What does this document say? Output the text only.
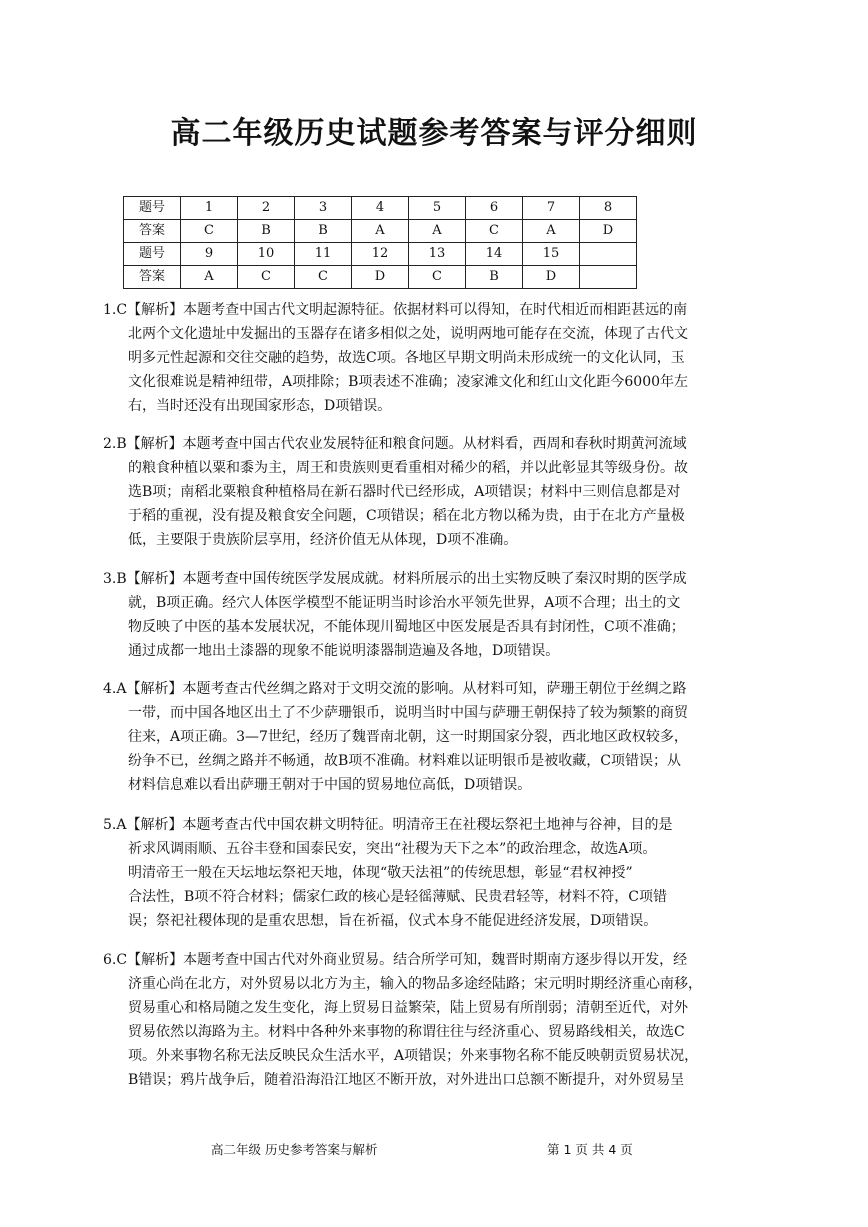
高二年级历史试题参考答案与评分细则
题号	1	2	3	4	5	6	7	8
答案	C	B	B	A	A	C	A	D
题号	9	10	11	12	13	14	15	
答案	A	C	C	D	C	B	D	
1.C【解析】本题考查中国古代文明起源特征。依据材料可以得知，在时代相近而相距甚远的南
北两个文化遗址中发掘出的玉器存在诸多相似之处，说明两地可能存在交流，体现了古代文
明多元性起源和交往交融的趋势，故选C项。各地区早期文明尚未形成统一的文化认同，玉
文化很难说是精神纽带，A项排除；B项表述不准确；凌家滩文化和红山文化距今6000年左
右，当时还没有出现国家形态，D项错误。
2.B【解析】本题考查中国古代农业发展特征和粮食问题。从材料看，西周和春秋时期黄河流域
的粮食种植以粟和黍为主，周王和贵族则更看重相对稀少的稻，并以此彰显其等级身份。故
选B项；南稻北粟粮食种植格局在新石器时代已经形成，A项错误；材料中三则信息都是对
于稻的重视，没有提及粮食安全问题，C项错误；稻在北方物以稀为贵，由于在北方产量极
低，主要限于贵族阶层享用，经济价值无从体现，D项不准确。
3.B【解析】本题考查中国传统医学发展成就。材料所展示的出土实物反映了秦汉时期的医学成
就，B项正确。经穴人体医学模型不能证明当时诊治水平领先世界，A项不合理；出土的文
物反映了中医的基本发展状况，不能体现川蜀地区中医发展是否具有封闭性，C项不准确；
通过成都一地出土漆器的现象不能说明漆器制造遍及各地，D项错误。
4.A【解析】本题考查古代丝绸之路对于文明交流的影响。从材料可知，萨珊王朝位于丝绸之路
一带，而中国各地区出土了不少萨珊银币，说明当时中国与萨珊王朝保持了较为频繁的商贸
往来，A项正确。3—7世纪，经历了魏晋南北朝，这一时期国家分裂，西北地区政权较多，
纷争不已，丝绸之路并不畅通，故B项不准确。材料难以证明银币是被收藏，C项错误；从
材料信息难以看出萨珊王朝对于中国的贸易地位高低，D项错误。
5.A【解析】本题考查古代中国农耕文明特征。明清帝王在社稷坛祭祀土地神与谷神，目的是
祈求风调雨顺、五谷丰登和国泰民安，突出“社稷为天下之本”的政治理念，故选A项。
明清帝王一般在天坛地坛祭祀天地，体现“敬天法祖”的传统思想，彰显“君权神授”
合法性，B项不符合材料；儒家仁政的核心是轻徭薄赋、民贵君轻等，材料不符，C项错
误；祭祀社稷体现的是重农思想，旨在祈福，仪式本身不能促进经济发展，D项错误。
6.C【解析】本题考查中国古代对外商业贸易。结合所学可知，魏晋时期南方逐步得以开发，经
济重心尚在北方，对外贸易以北方为主，输入的物品多途经陆路；宋元明时期经济重心南移，
贸易重心和格局随之发生变化，海上贸易日益繁荣，陆上贸易有所削弱；清朝至近代，对外
贸易依然以海路为主。材料中各种外来事物的称谓往往与经济重心、贸易路线相关，故选C
项。外来事物名称无法反映民众生活水平，A项错误；外来事物名称不能反映朝贡贸易状况，
B错误；鸦片战争后，随着沿海沿江地区不断开放，对外进出口总额不断提升，对外贸易呈
高二年级 历史参考答案与解析	第 1 页 共 4 页
